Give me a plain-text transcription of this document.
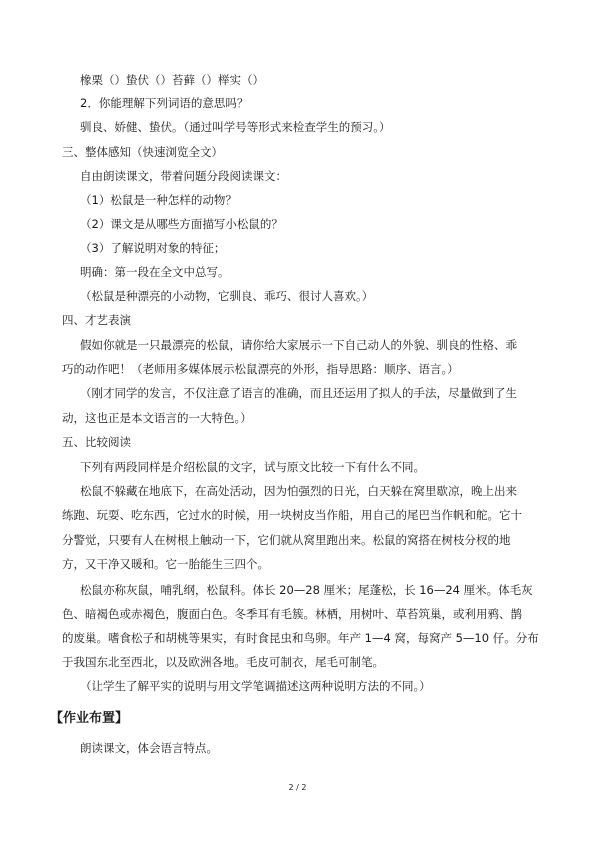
橡栗（）蛰伏（）苔藓（）榉实（）
2．你能理解下列词语的意思吗？
驯良、娇健、蛰伏。（通过叫学号等形式来检查学生的预习。）
三、整体感知（快速浏览全文）
自由朗读课文，带着问题分段阅读课文：
（1）松鼠是一种怎样的动物？
（2）课文是从哪些方面描写小松鼠的？
（3）了解说明对象的特征；
明确：第一段在全文中总写。
（松鼠是种漂亮的小动物，它驯良、乖巧、很讨人喜欢。）
四、才艺表演
假如你就是一只最漂亮的松鼠，请你给大家展示一下自己动人的外貌、驯良的性格、乖
巧的动作吧！（老师用多媒体展示松鼠漂亮的外形，指导思路：顺序、语言。）
（刚才同学的发言，不仅注意了语言的准确，而且还运用了拟人的手法，尽量做到了生
动，这也正是本文语言的一大特色。）
五、比较阅读
下列有两段同样是介绍松鼠的文字，试与原文比较一下有什么不同。
松鼠不躲藏在地底下，在高处活动，因为怕强烈的日光，白天躲在窝里歇凉，晚上出来
练跑、玩耍、吃东西，它过水的时候，用一块树皮当作船，用自己的尾巴当作帆和舵。它十
分警觉，只要有人在树根上触动一下，它们就从窝里跑出来。松鼠的窝搭在树枝分杈的地
方，又干净又暖和。它一胎能生三四个。
松鼠亦称灰鼠，哺乳纲，松鼠科。体长 20—28 厘米；尾蓬松，长 16—24 厘米。体毛灰
色、暗褐色或赤褐色，腹面白色。冬季耳有毛簇。林栖，用树叶、草苔筑巢，或利用鸦、鹊
的废巢。嗜食松子和胡桃等果实，有时食昆虫和鸟卵。年产 1—4 窝，每窝产 5—10 仔。分布
于我国东北至西北，以及欧洲各地。毛皮可制衣，尾毛可制笔。
（让学生了解平实的说明与用文学笔调描述这两种说明方法的不同。）
【作业布置】
朗读课文，体会语言特点。
2 / 2
